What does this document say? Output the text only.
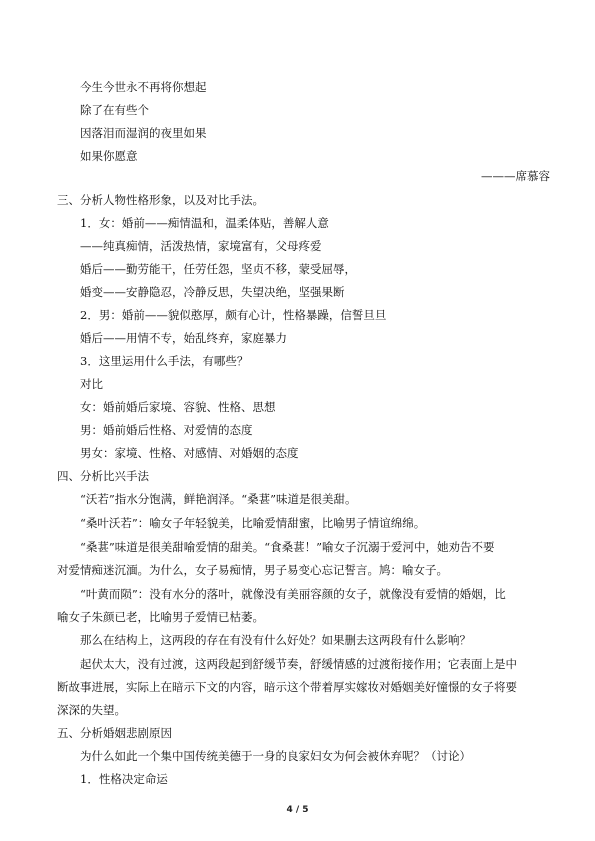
今生今世永不再将你想起
除了在有些个
因落泪而湿润的夜里如果
如果你愿意
———席慕容
三、分析人物性格形象，以及对比手法。
1．女：婚前——痴情温和，温柔体贴，善解人意
——纯真痴情，活泼热情，家境富有，父母疼爱
婚后——勤劳能干，任劳任怨，坚贞不移，蒙受屈辱，
婚变——安静隐忍，冷静反思，失望决绝，坚强果断
2．男：婚前——貌似憨厚，颇有心计，性格暴躁，信誓旦旦
婚后——用情不专，始乱终弃，家庭暴力
3．这里运用什么手法，有哪些？
对比
女：婚前婚后家境、容貌、性格、思想
男：婚前婚后性格、对爱情的态度
男女：家境、性格、对感情、对婚姻的态度
四、分析比兴手法
“沃若”指水分饱满，鲜艳润泽。“桑葚”味道是很美甜。
“桑叶沃若”：喻女子年轻貌美，比喻爱情甜蜜，比喻男子情谊绵绵。
“桑葚”味道是很美甜喻爱情的甜美。“食桑葚！”喻女子沉溺于爱河中，她劝告不要
对爱情痴迷沉湎。为什么，女子易痴情，男子易变心忘记誓言。鸠：喻女子。
“叶黄而陨”：没有水分的落叶，就像没有美丽容颜的女子，就像没有爱情的婚姻，比
喻女子朱颜已老，比喻男子爱情已枯萎。
那么在结构上，这两段的存在有没有什么好处？如果删去这两段有什么影响？
起伏太大，没有过渡，这两段起到舒缓节奏，舒缓情感的过渡衔接作用；它表面上是中
断故事进展，实际上在暗示下文的内容，暗示这个带着厚实嫁妆对婚姻美好憧憬的女子将要
深深的失望。
五、分析婚姻悲剧原因
为什么如此一个集中国传统美德于一身的良家妇女为何会被休弃呢？（讨论）
1．性格决定命运
4 / 5
